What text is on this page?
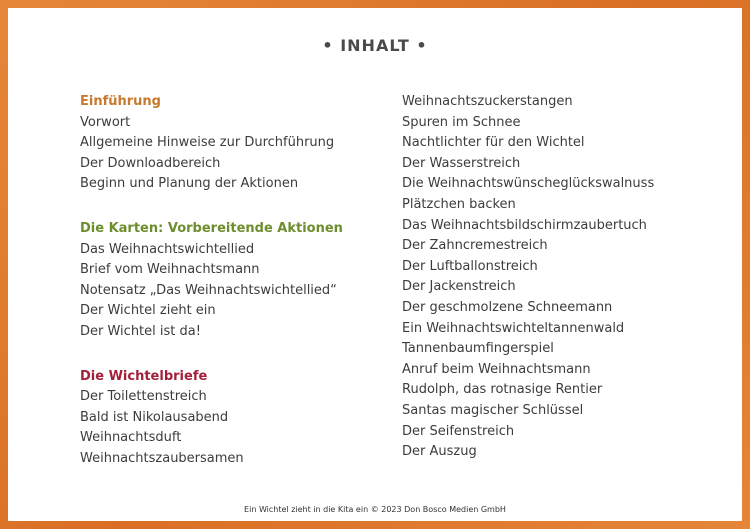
• INHALT •
Einführung
Vorwort
Allgemeine Hinweise zur Durchführung
Der Downloadbereich
Beginn und Planung der Aktionen
Die Karten: Vorbereitende Aktionen
Das Weihnachtswichtellied
Brief vom Weihnachtsmann
Notensatz „Das Weihnachtswichtellied“
Der Wichtel zieht ein
Der Wichtel ist da!
Die Wichtelbriefe
Der Toilettenstreich
Bald ist Nikolausabend
Weihnachtsduft
Weihnachtszaubersamen
Weihnachtszuckerstangen
Spuren im Schnee
Nachtlichter für den Wichtel
Der Wasserstreich
Die Weihnachtswünscheglückswalnuss
Plätzchen backen
Das Weihnachtsbildschirmzaubertuch
Der Zahncremestreich
Der Luftballonstreich
Der Jackenstreich
Der geschmolzene Schneemann
Ein Weihnachtswichteltannenwald
Tannenbaumfingerspiel
Anruf beim Weihnachtsmann
Rudolph, das rotnasige Rentier
Santas magischer Schlüssel
Der Seifenstreich
Der Auszug
Ein Wichtel zieht in die Kita ein © 2023 Don Bosco Medien GmbH
